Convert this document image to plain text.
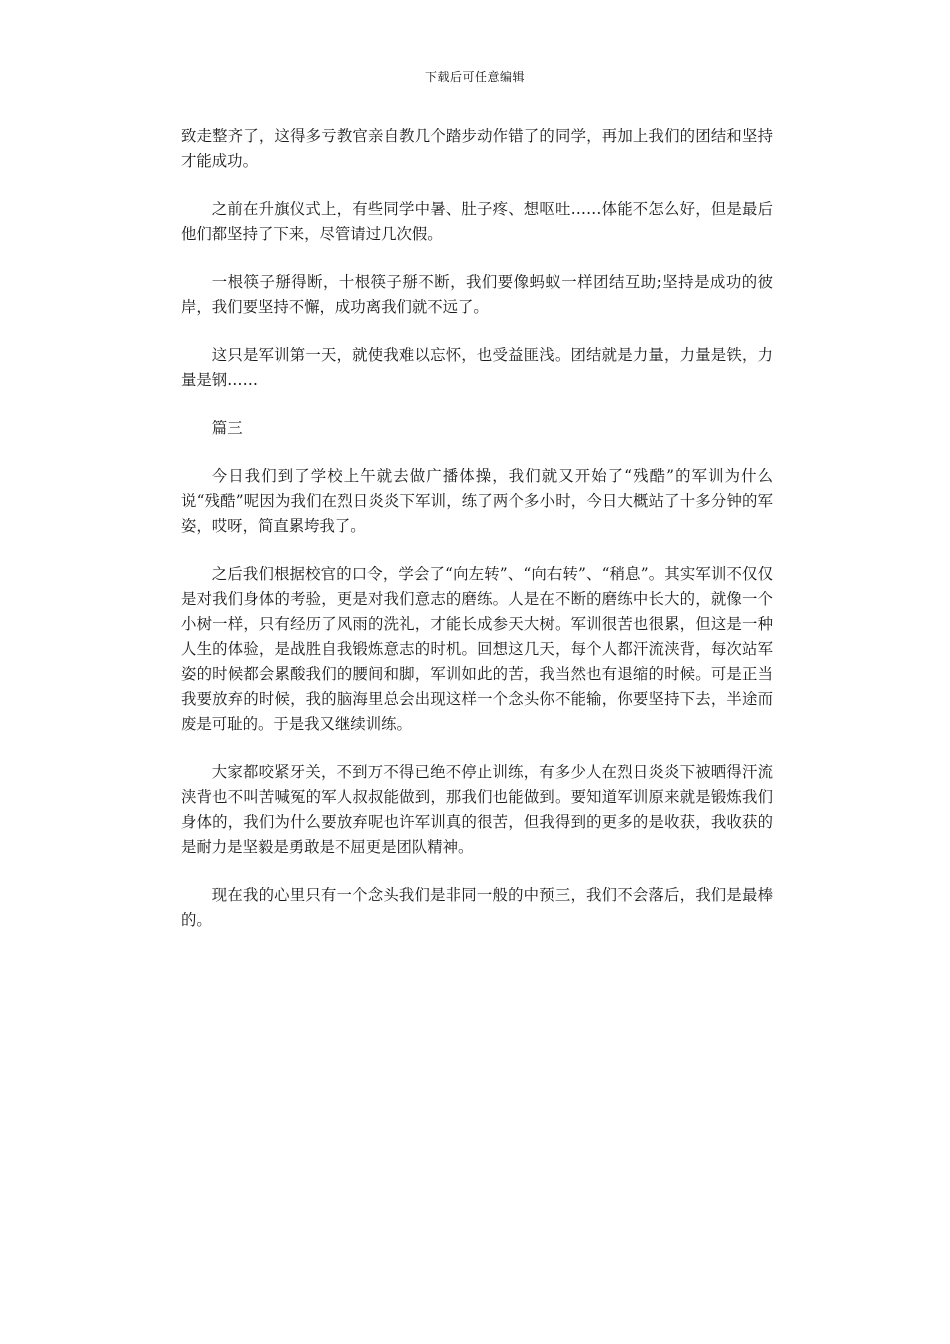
下载后可任意编辑

致走整齐了，这得多亏教官亲自教几个踏步动作错了的同学，再加上我们的团结和坚持才能成功。

之前在升旗仪式上，有些同学中暑、肚子疼、想呕吐……体能不怎么好，但是最后他们都坚持了下来，尽管请过几次假。

一根筷子掰得断，十根筷子掰不断，我们要像蚂蚁一样团结互助;坚持是成功的彼岸，我们要坚持不懈，成功离我们就不远了。

这只是军训第一天，就使我难以忘怀，也受益匪浅。团结就是力量，力量是铁，力量是钢……

篇三

今日我们到了学校上午就去做广播体操，我们就又开始了“残酷”的军训为什么说“残酷”呢因为我们在烈日炎炎下军训，练了两个多小时，今日大概站了十多分钟的军姿，哎呀，简直累垮我了。

之后我们根据校官的口令，学会了“向左转”、“向右转”、“稍息”。其实军训不仅仅是对我们身体的考验，更是对我们意志的磨练。人是在不断的磨练中长大的，就像一个小树一样，只有经历了风雨的洗礼，才能长成参天大树。军训很苦也很累，但这是一种人生的体验，是战胜自我锻炼意志的时机。回想这几天，每个人都汗流浃背，每次站军姿的时候都会累酸我们的腰间和脚，军训如此的苦，我当然也有退缩的时候。可是正当我要放弃的时候，我的脑海里总会出现这样一个念头你不能输，你要坚持下去，半途而废是可耻的。于是我又继续训练。

大家都咬紧牙关，不到万不得已绝不停止训练，有多少人在烈日炎炎下被晒得汗流浃背也不叫苦喊冤的军人叔叔能做到，那我们也能做到。要知道军训原来就是锻炼我们身体的，我们为什么要放弃呢也许军训真的很苦，但我得到的更多的是收获，我收获的是耐力是坚毅是勇敢是不屈更是团队精神。

现在我的心里只有一个念头我们是非同一般的中预三，我们不会落后，我们是最棒的。
